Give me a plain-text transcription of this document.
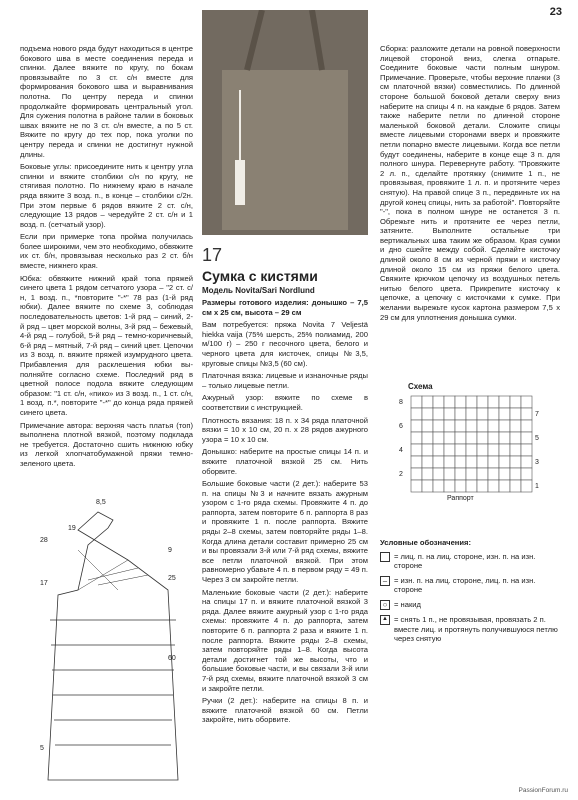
23

подъема нового ряда будут находиться в центре бокового шва в месте соединения переда и спинки. Далее вяжите по кругу, по бокам провязывайте по 3 ст. с/н вместе для формирования бокового шва и выравнивания полотна. По центру переда и спинки продолжайте формировать центральный угол. Для сужения полотна в районе талии в боковых швах вяжите не по 3 ст. с/н вместе, а по 5 ст. Вяжите по кругу до тех пор, пока уголки по центру переда и спинки не достигнут нужной длины.

Боковые углы: присоедините нить к центру угла спинки и вяжите столбики с/н по кругу, не стягивая полотно. По нижнему краю в начале ряда вяжите 3 возд. п., в конце – столбики с/2н. При этом первые 6 рядов вяжите 2 ст. с/н, следующие 13 рядов – чередуйте 2 ст. с/н и 1 возд. п. (сетчатый узор).

Если при примерке топа пройма получилась более широкими, чем это необходимо, обвяжите их ст. б/н, провязывая несколько раз 2 ст. б/н вместе, нижнего края.

Юбка: обвяжите нижний край топа пряжей синего цвета 1 рядом сетчатого узора – "2 ст. с/н, 1 возд. п., *повторите "-*" 78 раз (1-й ряд юбки). Далее вяжите по схеме 3, соблюдая последовательность цветов: 1-й ряд – синий, 2-й ряд – цвет морской волны, 3-й ряд – бежевый, 4-й ряд – голубой, 5-й ряд – темно-коричневый, 6-й ряд – мятный, 7-й ряд – синий цвет. Цепочки из 3 возд. п. вяжите пряжей изумрудного цвета. Прибавления для расклешения юбки вы-полняйте согласно схеме. Последний ряд в цветной полосе подола вяжите следующим образом: "1 ст. с/н, «пико» из 3 возд. п., 1 ст. с/н, 1 возд. п.*, повторите "-*" до конца ряда пряжей синего цвета.

Примечание автора: верхняя часть платья (топ) выполнена плотной вязкой, поэтому подклада не требуется. Достаточно сшить нижнюю юбку из легкой хлопчатобумажной пряжи темно-зеленого цвета.

8,5
19
28
9
25
17
60
5
17
Сумка с кистями
Модель Novita/Sari Nordlund

Размеры готового изделия: донышко – 7,5 см х 25 см, высота – 29 см

Вам потребуется: пряжа Novita 7 Veljestä hiekka vaija (75% шерсть, 25% полиамид, 200 м/100 г) – 250 г песочного цвета, белого и черного цвета для кисточек, спицы №3,5, круговые спицы №3,5 (60 см).

Платочная вязка: лицевые и изнаночные ряды – только лицевые петли.

Ажурный узор: вяжите по схеме в соответствии с инструкцией.

Плотность вязания: 18 п. х 34 ряда платочной вязки = 10 х 10 см, 20 п. х 28 рядов ажурного узора = 10 х 10 см.

Донышко: наберите на простые спицы 14 п. и вяжите платочной вязкой 25 см. Нить оборвите.

Большие боковые части (2 дет.): наберите 53 п. на спицы №3 и начните вязать ажурным узором с 1-го ряда схемы. Провяжите 4 п. до раппорта, затем повторите 6 п. раппорта 8 раз и провяжите 1 п. после раппорта. Вяжите ряды 2–8 схемы, затем повторяйте ряды 1–8. Когда длина детали составит примерно 25 см и вы провязали 3-й или 7-й ряд схемы, вяжите все петли платочной вязкой. При этом равномерно убавьте 4 п. в первом ряду = 49 п. Через 3 см закройте петли.

Маленькие боковые части (2 дет.): наберите на спицы 17 п. и вяжите платочной вязкой 3 ряда. Далее вяжите ажурный узор с 1-го ряда схемы: провяжите 4 п. до раппорта, затем повторите 6 п. раппорта 2 раза и вяжите 1 п. после раппорта. Вяжите ряды 2–8 схемы, затем повторяйте ряды 1–8. Когда высота детали достигнет той же высоты, что и большие боковые части, и вы связали 3-й или 7-й ряд схемы, вяжите платочной вязкой 3 см и закройте петли.

Ручки (2 дет.): наберите на спицы 8 п. и вяжите платочной вязкой 60 см. Петли закройте, нить оборвите.

Сборка: разложите детали на ровной поверхности лицевой стороной вниз, слегка отпарьте. Соедините боковые части полным шнуром. Примечание. Проверьте, чтобы верхние планки (3 см платочной вязки) совместились. По длинной стороне большой боковой детали сверху вниз наберите на спицы 4 п. на каждые 6 рядов. Затем также наберите петли по длинной стороне маленькой боковой детали. Сложите спицы вместе лицевыми сторонами вверх и провяжите петли попарно вместе лицевыми. Когда все петли будут соединены, наберите в конце еще 3 п. для полного шнура. Перевернуте работу. "Провяжите 2 л. п., сделайте протяжку (снимите 1 п., не провязывая, провяжите 1 л. п. и протяните через снятую). На правой спице 3 п., передвиньте их на другой конец спицы, нить за работой". Повторяйте "-", пока в полном шнуре не останется 3 п. Обрежьте нить и протяните ее через петли, затяните. Выполните остальные три вертикальных шва таким же образом. Края сумки и дно сшейте между собой. Сделайте кисточку длиной около 8 см из черной пряжи и кисточку длиной около 15 см из пряжи белого цвета. Свяжите крючком цепочку из воздушных петель нитью белого цвета. Прикрепите кисточку к цепочке, а цепочку с кисточками к сумке. При желании вырежьте кусок картона размером 7,5 х 29 см для уплотнения донышка сумки.

Схема
8
6
4
2
7
5
3
1
Раппорт
Условные обозначения:
= лиц. п. на лиц. стороне, изн. п. на изн. стороне
– = изн. п. на лиц. стороне, лиц. п. на изн. стороне
○ = накид
▲ = снять 1 п., не провязывая, провязать 2 п. вместе лиц. и протянуть получившуюся петлю через снятую
PassionForum.ru
